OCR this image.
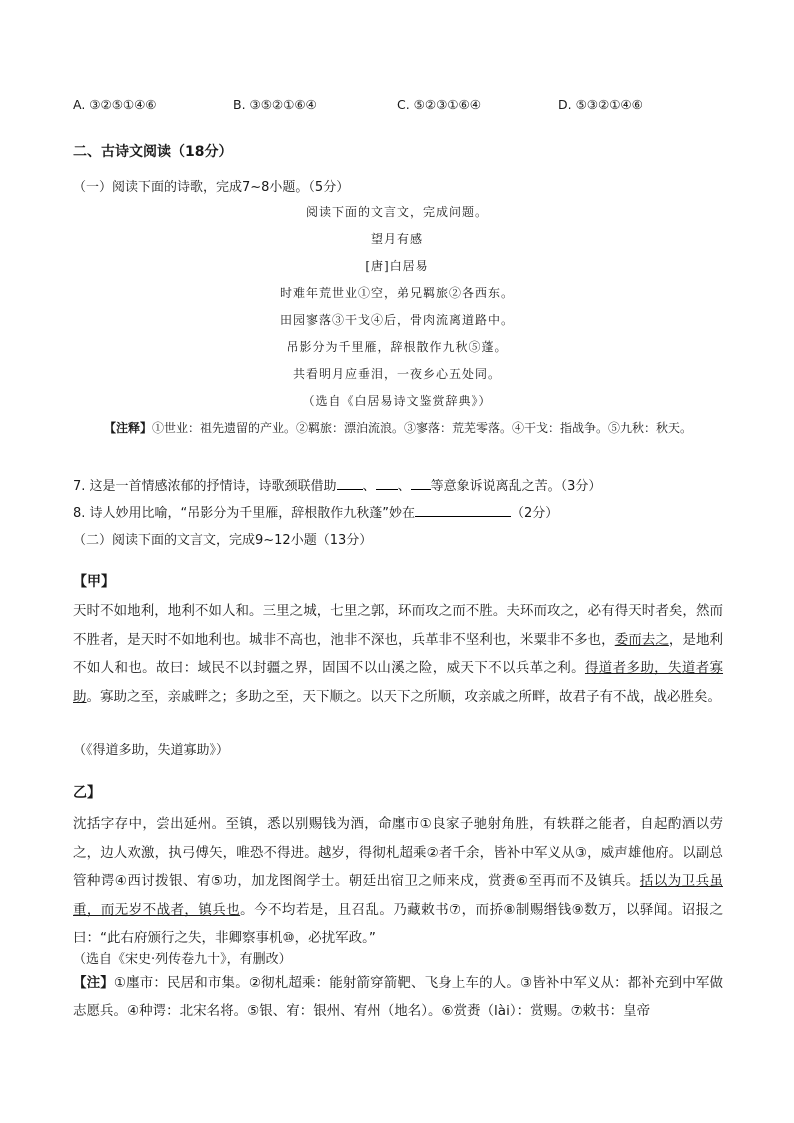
A. ③②⑤①④⑥	B. ③⑤②①⑥④	C. ⑤②③①⑥④	D. ⑤③②①④⑥
二、古诗文阅读（18分）
（一）阅读下面的诗歌，完成7~8小题。（5分）
阅读下面的文言文，完成问题。
望月有感
[唐]白居易
时难年荒世业①空，弟兄羁旅②各西东。
田园寥落③干戈④后，骨肉流离道路中。
吊影分为千里雁，辞根散作九秋⑤蓬。
共看明月应垂泪，一夜乡心五处同。
（选自《白居易诗文鉴赏辞典》）
【注释】①世业：祖先遗留的产业。②羁旅：漂泊流浪。③寥落：荒芜零落。④干戈：指战争。⑤九秋：秋天。
7. 这是一首情感浓郁的抒情诗，诗歌颈联借助 、 、 等意象诉说离乱之苦。（3分）
8. 诗人妙用比喻，“吊影分为千里雁，辞根散作九秋蓬”妙在	（2分）
（二）阅读下面的文言文，完成9~12小题（13分）
【甲】
天时不如地利，地利不如人和。三里之城，七里之郭，环而攻之而不胜。夫环而攻之，必有得天时者矣，然而不胜者，是天时不如地利也。城非不高也，池非不深也，兵革非不坚利也，米粟非不多也，委而去之，是地利不如人和也。故曰：域民不以封疆之界，固国不以山溪之险，威天下不以兵革之利。得道者多助，失道者寡助。寡助之至，亲戚畔之；多助之至，天下顺之。以天下之所顺，攻亲戚之所畔，故君子有不战，战必胜矣。
（《得道多助，失道寡助》）
乙】
沈括字存中，尝出延州。至镇，悉以别赐钱为酒，命廛市①良家子驰射角胜，有轶群之能者，自起酌酒以劳之，边人欢激，执弓傅矢，唯恐不得进。越岁，得彻札超乘②者千余，皆补中军义从③，威声雄他府。以副总管种谔④西讨拨银、宥⑤功，加龙图阁学士。朝廷出宿卫之师来戍，赏赉⑥至再而不及镇兵。括以为卫兵虽重，而无岁不战者，镇兵也。今不均若是，且召乱。乃藏敕书⑦，而挢⑧制赐缗钱⑨数万，以驿闻。诏报之曰：“此右府颁行之失，非卿察事机⑩，必扰军政。”
（选自《宋史·列传卷九十》，有删改）
【注】①廛市：民居和市集。②彻札超乘：能射箭穿箭靶、飞身上车的人。③皆补中军义从：都补充到中军做志愿兵。④种谔：北宋名将。⑤银、宥：银州、宥州（地名）。⑥赏赉（lài）：赏赐。⑦敕书：皇帝
